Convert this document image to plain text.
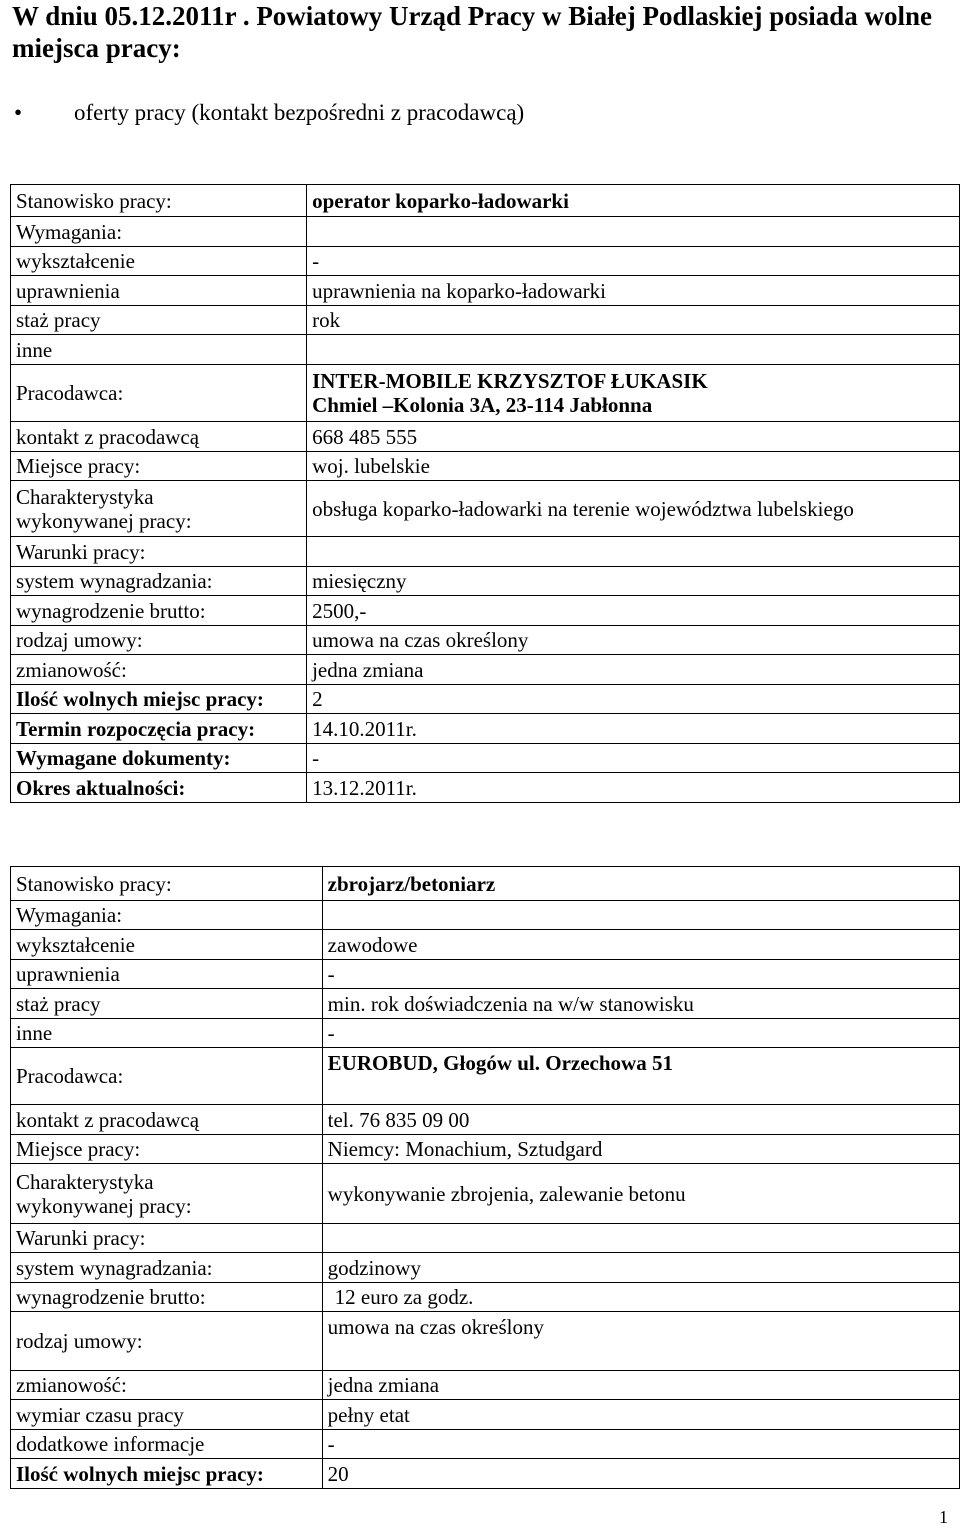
W dniu 05.12.2011r . Powiatowy Urząd Pracy w Białej Podlaskiej posiada wolne miejsca pracy:
• oferty pracy (kontakt bezpośredni z pracodawcą)
Stanowisko pracy:	operator koparko-ładowarki
Wymagania:	
wykształcenie	-
uprawnienia	uprawnienia na koparko-ładowarki
staż pracy	rok
inne	
Pracodawca:	INTER-MOBILE KRZYSZTOF ŁUKASIK
Chmiel –Kolonia 3A, 23-114 Jabłonna

kontakt z pracodawcą	668 485 555
Miejsce pracy:	woj. lubelskie

Charakterystyka
wykonywanej pracy:	obsługa koparko-ładowarki na terenie województwa lubelskiego
Warunki pracy:	
system wynagradzania:	miesięczny
wynagrodzenie brutto:	2500,-
rodzaj umowy:	umowa na czas określony
zmianowość:	jedna zmiana
Ilość wolnych miejsc pracy:	2
Termin rozpoczęcia pracy:	14.10.2011r.
Wymagane dokumenty:	-
Okres aktualności:	13.12.2011r.
Stanowisko pracy:	zbrojarz/betoniarz
Wymagania:	
wykształcenie	zawodowe
uprawnienia	-
staż pracy	min. rok doświadczenia na w/w stanowisku
inne	-
Pracodawca:	EUROBUD, Głogów ul. Orzechowa 51
kontakt z pracodawcą	tel. 76 835 09 00
Miejsce pracy:	Niemcy: Monachium, Sztudgard

Charakterystyka
wykonywanej pracy:	wykonywanie zbrojenia, zalewanie betonu
Warunki pracy:	
system wynagradzania:	godzinowy
wynagrodzenie brutto:	12 euro za godz.
rodzaj umowy:	umowa na czas określony
zmianowość:	jedna zmiana
wymiar czasu pracy	pełny etat
dodatkowe informacje	-
Ilość wolnych miejsc pracy:	20
1
